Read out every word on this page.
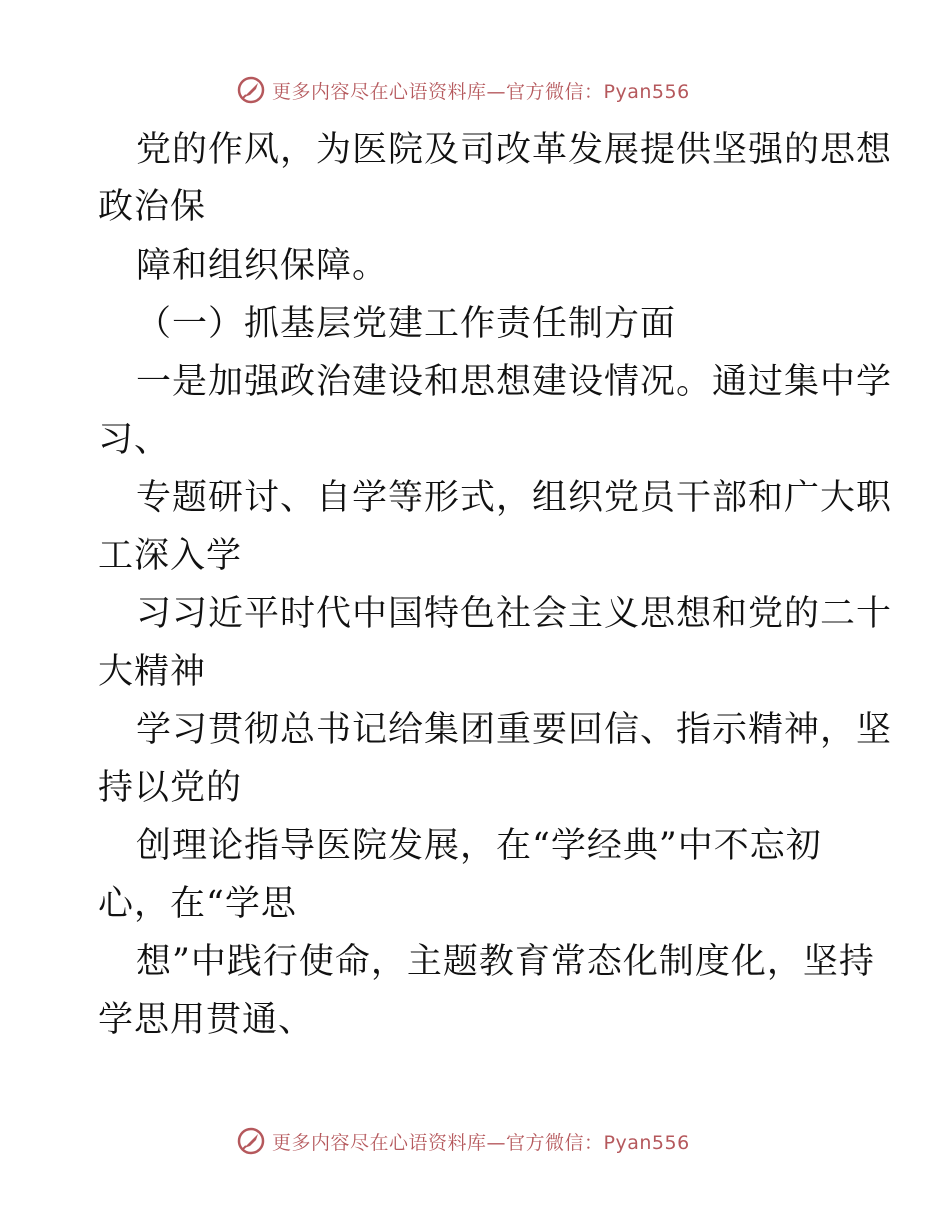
更多内容尽在心语资料库—官方微信：Pyan556
党的作风，为医院及司改革发展提供坚强的思想
政治保
障和组织保障。
（一）抓基层党建工作责任制方面
一是加强政治建设和思想建设情况。通过集中学
习、
专题研讨、自学等形式，组织党员干部和广大职
工深入学
习习近平时代中国特色社会主义思想和党的二十
大精神
学习贯彻总书记给集团重要回信、指示精神，坚
持以党的
创理论指导医院发展，在“学经典”中不忘初
心，在“学思
想”中践行使命，主题教育常态化制度化，坚持
学思用贯通、
更多内容尽在心语资料库—官方微信：Pyan556
